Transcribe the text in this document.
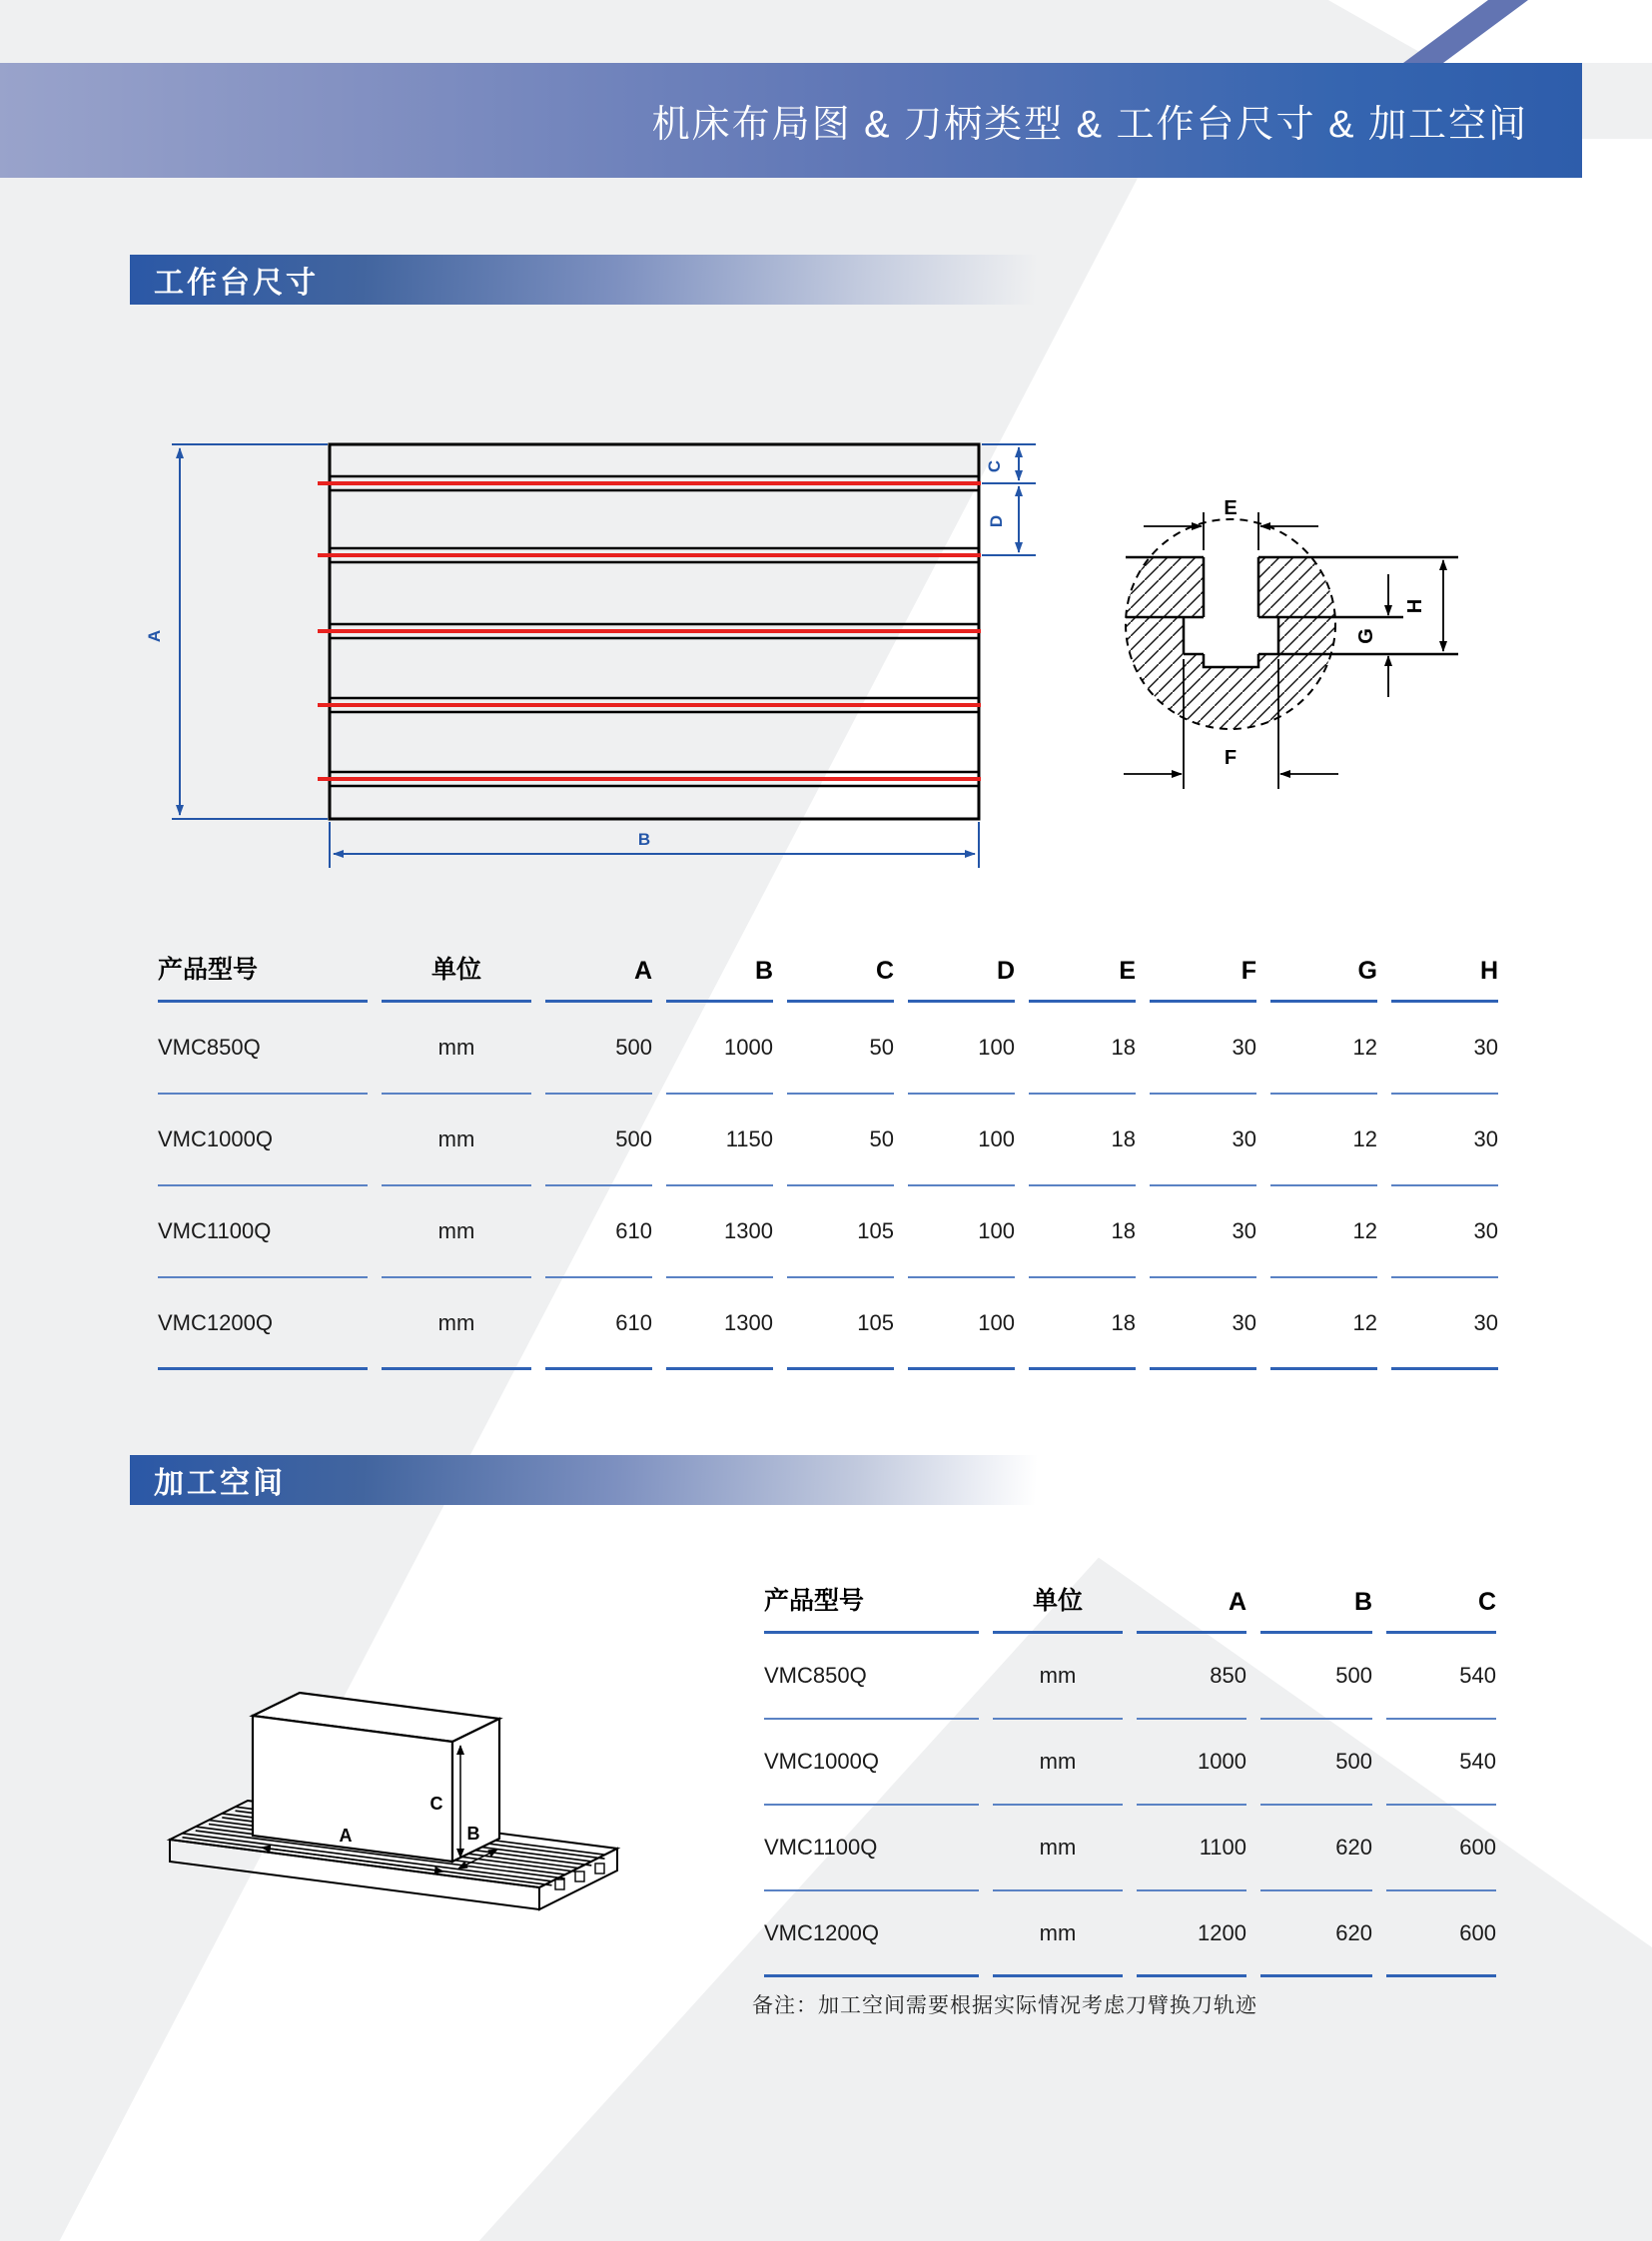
机床布局图 & 刀柄类型 & 工作台尺寸 & 加工空间
工作台尺寸
A
B
C
D
E
F
G
H
产品型号	单位	A	B	C	D	E	F	G	H
VMC850Q	mm	500	1000	50	100	18	30	12	30
VMC1000Q	mm	500	1150	50	100	18	30	12	30
VMC1100Q	mm	610	1300	105	100	18	30	12	30
VMC1200Q	mm	610	1300	105	100	18	30	12	30
加工空间
A	B
C
产品型号	单位	A	B	C
VMC850Q	mm	850	500	540
VMC1000Q	mm	1000	500	540
VMC1100Q	mm	1100	620	600
VMC1200Q	mm	1200	620	600
备注：加工空间需要根据实际情况考虑刀臂换刀轨迹
